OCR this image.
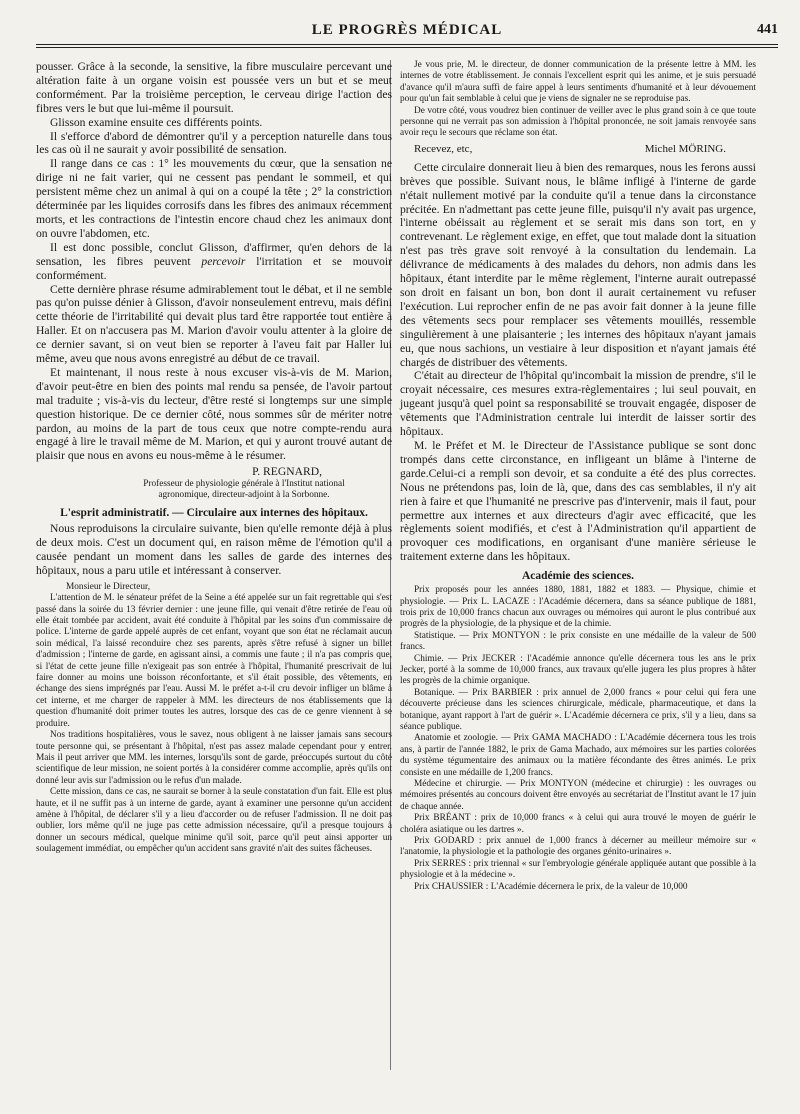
LE PROGRÈS MÉDICAL	441

pousser. Grâce à la seconde, la sensitive, la fibre musculaire percevant une altération faite à un organe voisin est poussée vers un but et se meut conformément. Par la troisième perception, le cerveau dirige l'action des fibres vers le but que lui-même il poursuit.

Glisson examine ensuite ces différents points.

Il s'efforce d'abord de démontrer qu'il y a perception naturelle dans tous les cas où il ne saurait y avoir possibilité de sensation.

Il range dans ce cas : 1° les mouvements du cœur, que la sensation ne dirige ni ne fait varier, qui ne cessent pas pendant le sommeil, et qui persistent même chez un animal à qui on a coupé la tête ; 2° la constriction déterminée par les liquides corrosifs dans les fibres des animaux récemment morts, et les contractions de l'intestin encore chaud chez les animaux dont on ouvre l'abdomen, etc.

Il est donc possible, conclut Glisson, d'affirmer, qu'en dehors de la sensation, les fibres peuvent percevoir l'irritation et se mouvoir conformément.

Cette dernière phrase résume admirablement tout le débat, et il ne semble pas qu'on puisse dénier à Glisson, d'avoir nonseulement entrevu, mais défini cette théorie de l'irritabilité qui devait plus tard être rapportée tout entière à Haller. Et on n'accusera pas M. Marion d'avoir voulu attenter à la gloire de ce dernier savant, si on veut bien se reporter à l'aveu fait par Haller lui même, aveu que nous avons enregistré au début de ce travail.

Et maintenant, il nous reste à nous excuser vis-à-vis de M. Marion, d'avoir peut-être en bien des points mal rendu sa pensée, de l'avoir partout mal traduite ; vis-à-vis du lecteur, d'être resté si longtemps sur une simple question historique. De ce dernier côté, nous sommes sûr de mériter notre pardon, au moins de la part de tous ceux que notre compte-rendu aura engagé à lire le travail même de M. Marion, et qui y auront trouvé autant de plaisir que nous en avons eu nous-même à le résumer.

P. REGNARD,
Professeur de physiologie générale à l'Institut national
agronomique, directeur-adjoint à la Sorbonne.
L'esprit administratif. — Circulaire aux internes des hôpitaux.

Nous reproduisons la circulaire suivante, bien qu'elle remonte déjà à plus de deux mois. C'est un document qui, en raison même de l'émotion qu'il a causée pendant un moment dans les salles de garde des internes des hôpitaux, nous a paru utile et intéressant à conserver.

Monsieur le Directeur,

L'attention de M. le sénateur préfet de la Seine a été appelée sur un fait regrettable qui s'est passé dans la soirée du 13 février dernier : une jeune fille, qui venait d'être retirée de l'eau où elle était tombée par accident, avait été conduite à l'hôpital par les soins d'un commissaire de police. L'interne de garde appelé auprès de cet enfant, voyant que son état ne réclamait aucun soin médical, l'a laissé reconduire chez ses parents, après s'être refusé à signer un billet d'admission ; l'interne de garde, en agissant ainsi, a commis une faute ; il n'a pas compris que, si l'état de cette jeune fille n'exigeait pas son entrée à l'hôpital, l'humanité prescrivait de lui faire donner au moins une boisson réconfortante, et s'il était possible, des vêtements, en échange des siens imprégnés par l'eau. Aussi M. le préfet a-t-il cru devoir infliger un blâme à cet interne, et me charger de rappeler à MM. les directeurs de nos établissements que la question d'humanité doit primer toutes les autres, lorsque des cas de ce genre viennent à se produire.

Nos traditions hospitalières, vous le savez, nous obligent à ne laisser jamais sans secours toute personne qui, se présentant à l'hôpital, n'est pas assez malade cependant pour y entrer. Mais il peut arriver que MM. les internes, lorsqu'ils sont de garde, préoccupés surtout du côté scientifique de leur mission, ne soient portés à la considérer comme accomplie, après qu'ils ont donné leur avis sur l'admission ou le refus d'un malade.

Cette mission, dans ce cas, ne saurait se borner à la seule constatation d'un fait. Elle est plus haute, et il ne suffit pas à un interne de garde, ayant à examiner une personne qu'un accident amène à l'hôpital, de déclarer s'il y a lieu d'accorder ou de refuser l'admission. Il ne doit pas oublier, lors même qu'il ne juge pas cette admission nécessaire, qu'il a presque toujours à donner un secours médical, quelque minime qu'il soit, parce qu'il peut ainsi apporter un soulagement immédiat, ou empêcher qu'un accident sans gravité n'ait des suites fâcheuses.

Je vous prie, M. le directeur, de donner communication de la présente lettre à MM. les internes de votre établissement. Je connais l'excellent esprit qui les anime, et je suis persuadé d'avance qu'il m'aura suffi de faire appel à leurs sentiments d'humanité et à leur dévouement pour qu'un fait semblable à celui que je viens de signaler ne se reproduise pas.

De votre côté, vous voudrez bien continuer de veiller avec le plus grand soin à ce que toute personne qui ne verrait pas son admission à l'hôpital prononcée, ne soit jamais renvoyée sans avoir reçu le secours que réclame son état.

Recevez, etc,	Michel MÖRING.

Cette circulaire donnerait lieu à bien des remarques, nous les ferons aussi brèves que possible. Suivant nous, le blâme infligé à l'interne de garde n'était nullement motivé par la conduite qu'il a tenue dans la circonstance précitée. En n'admettant pas cette jeune fille, puisqu'il n'y avait pas urgence, l'interne obéissait au règlement et se serait mis dans son tort, en y contrevenant. Le règlement exige, en effet, que tout malade dont la situation n'est pas très grave soit renvoyé à la consultation du lendemain. La délivrance de médicaments à des malades du dehors, non admis dans les hôpitaux, étant interdite par le même règlement, l'interne aurait outrepassé son droit en faisant un bon, bon dont il aurait certainement vu refuser l'exécution. Lui reprocher enfin de ne pas avoir fait donner à la jeune fille des vêtements secs pour remplacer ses vêtements mouillés, ressemble singulièrement à une plaisanterie ; les internes des hôpitaux n'ayant jamais eu, que nous sachions, un vestiaire à leur disposition et n'ayant jamais été chargés de distribuer des vêtements.

C'était au directeur de l'hôpital qu'incombait la mission de prendre, s'il le croyait nécessaire, ces mesures extra-règlementaires ; lui seul pouvait, en jugeant jusqu'à quel point sa responsabilité se trouvait engagée, disposer de vêtements que l'Administration centrale lui interdit de laisser sortir des hôpitaux.

M. le Préfet et M. le Directeur de l'Assistance publique se sont donc trompés dans cette circonstance, en infligeant un blâme à l'interne de garde.Celui-ci a rempli son devoir, et sa conduite a été des plus correctes. Nous ne prétendons pas, loin de là, que, dans des cas semblables, il n'y ait rien à faire et que l'humanité ne prescrive pas d'intervenir, mais il faut, pour permettre aux internes et aux directeurs d'agir avec efficacité, que les règlements soient modifiés, et c'est à l'Administration qu'il appartient de provoquer ces modifications, en organisant d'une manière sérieuse le traitement externe dans les hôpitaux.

Académie des sciences.

Prix proposés pour les années 1880, 1881, 1882 et 1883. — Physique, chimie et physiologie. — Prix L. LACAZE : l'Académie décernera, dans sa séance publique de 1881, trois prix de 10,000 francs chacun aux ouvrages ou mémoires qui auront le plus contribué aux progrès de la physiologie, de la physique et de la chimie.

Statistique. — Prix MONTYON : le prix consiste en une médaille de la valeur de 500 francs.

Chimie. — Prix JECKER : l'Académie annonce qu'elle décernera tous les ans le prix Jecker, porté à la somme de 10,000 francs, aux travaux qu'elle jugera les plus propres à hâter les progrès de la chimie organique.

Botanique. — Prix BARBIER : prix annuel de 2,000 francs « pour celui qui fera une découverte précieuse dans les sciences chirurgicale, médicale, pharmaceutique, et dans la botanique, ayant rapport à l'art de guérir ». L'Académie décernera ce prix, s'il y a lieu, dans sa séance publique.

Anatomie et zoologie. — Prix GAMA MACHADO : L'Académie décernera tous les trois ans, à partir de l'année 1882, le prix de Gama Machado, aux mémoires sur les parties colorées du système tégumentaire des animaux ou la matière fécondante des êtres animés. Le prix consiste en une médaille de 1,200 francs.

Médecine et chirurgie. — Prix MONTYON (médecine et chirurgie) : les ouvrages ou mémoires présentés au concours doivent être envoyés au secrétariat de l'Institut avant le 17 juin de chaque année.

Prix BRÉANT : prix de 10,000 francs « à celui qui aura trouvé le moyen de guérir le choléra asiatique ou les dartres ».

Prix GODARD : prix annuel de 1,000 francs à décerner au meilleur mémoire sur « l'anatomie, la physiologie et la pathologie des organes génito-urinaires ».

Prix SERRES : prix triennal « sur l'embryologie générale appliquée autant que possible à la physiologie et à la médecine ».

Prix CHAUSSIER : L'Académie décernera le prix, de la valeur de 10,000
